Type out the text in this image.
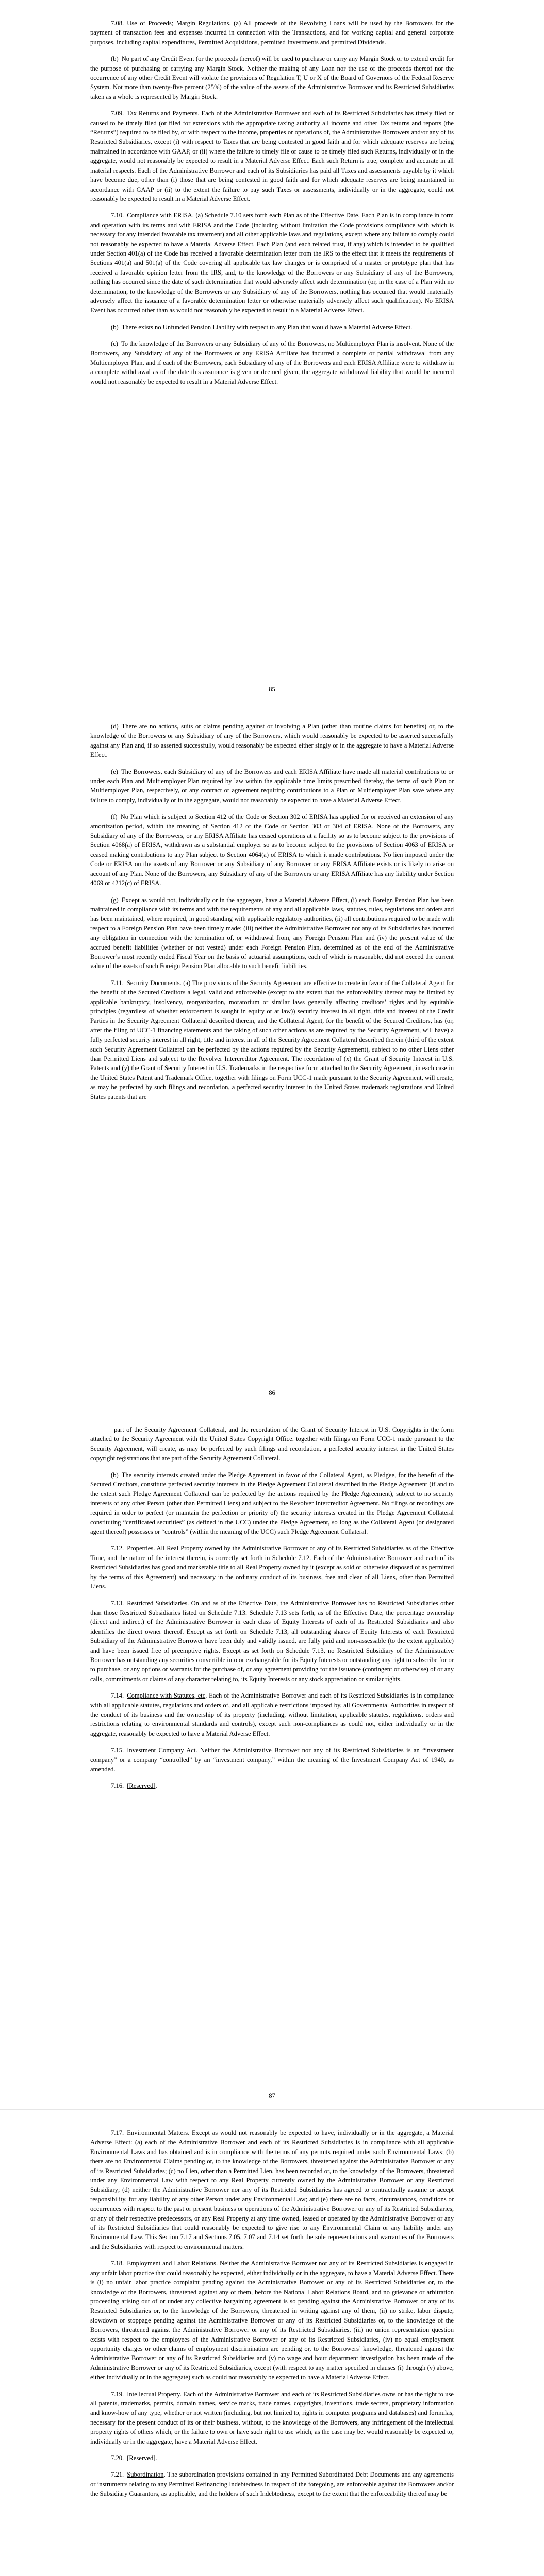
7.08. Use of Proceeds; Margin Regulations. (a) All proceeds of the Revolving Loans will be used by the Borrowers for the payment of transaction fees and expenses incurred in connection with the Transactions, and for working capital and general corporate purposes, including capital expenditures, Permitted Acquisitions, permitted Investments and permitted Dividends.

(b) No part of any Credit Event (or the proceeds thereof) will be used to purchase or carry any Margin Stock or to extend credit for the purpose of purchasing or carrying any Margin Stock. Neither the making of any Loan nor the use of the proceeds thereof nor the occurrence of any other Credit Event will violate the provisions of Regulation T, U or X of the Board of Governors of the Federal Reserve System. Not more than twenty-five percent (25%) of the value of the assets of the Administrative Borrower and its Restricted Subsidiaries taken as a whole is represented by Margin Stock.

7.09. Tax Returns and Payments. Each of the Administrative Borrower and each of its Restricted Subsidiaries has timely filed or caused to be timely filed (or filed for extensions with the appropriate taxing authority all income and other Tax returns and reports (the “Returns”) required to be filed by, or with respect to the income, properties or operations of, the Administrative Borrowers and/or any of its Restricted Subsidiaries, except (i) with respect to Taxes that are being contested in good faith and for which adequate reserves are being maintained in accordance with GAAP, or (ii) where the failure to timely file or cause to be timely filed such Returns, individually or in the aggregate, would not reasonably be expected to result in a Material Adverse Effect. Each such Return is true, complete and accurate in all material respects. Each of the Administrative Borrower and each of its Subsidiaries has paid all Taxes and assessments payable by it which have become due, other than (i) those that are being contested in good faith and for which adequate reserves are being maintained in accordance with GAAP or (ii) to the extent the failure to pay such Taxes or assessments, individually or in the aggregate, could not reasonably be expected to result in a Material Adverse Effect.

7.10. Compliance with ERISA. (a) Schedule 7.10 sets forth each Plan as of the Effective Date. Each Plan is in compliance in form and operation with its terms and with ERISA and the Code (including without limitation the Code provisions compliance with which is necessary for any intended favorable tax treatment) and all other applicable laws and regulations, except where any failure to comply could not reasonably be expected to have a Material Adverse Effect. Each Plan (and each related trust, if any) which is intended to be qualified under Section 401(a) of the Code has received a favorable determination letter from the IRS to the effect that it meets the requirements of Sections 401(a) and 501(a) of the Code covering all applicable tax law changes or is comprised of a master or prototype plan that has received a favorable opinion letter from the IRS, and, to the knowledge of the Borrowers or any Subsidiary of any of the Borrowers, nothing has occurred since the date of such determination that would adversely affect such determination (or, in the case of a Plan with no determination, to the knowledge of the Borrowers or any Subsidiary of any of the Borrowers, nothing has occurred that would materially adversely affect the issuance of a favorable determination letter or otherwise materially adversely affect such qualification). No ERISA Event has occurred other than as would not reasonably be expected to result in a Material Adverse Effect.

(b) There exists no Unfunded Pension Liability with respect to any Plan that would have a Material Adverse Effect.

(c) To the knowledge of the Borrowers or any Subsidiary of any of the Borrowers, no Multiemployer Plan is insolvent. None of the Borrowers, any Subsidiary of any of the Borrowers or any ERISA Affiliate has incurred a complete or partial withdrawal from any Multiemployer Plan, and if each of the Borrowers, each Subsidiary of any of the Borrowers and each ERISA Affiliate were to withdraw in a complete withdrawal as of the date this assurance is given or deemed given, the aggregate withdrawal liability that would be incurred would not reasonably be expected to result in a Material Adverse Effect.

85

(d) There are no actions, suits or claims pending against or involving a Plan (other than routine claims for benefits) or, to the knowledge of the Borrowers or any Subsidiary of any of the Borrowers, which would reasonably be expected to be asserted successfully against any Plan and, if so asserted successfully, would reasonably be expected either singly or in the aggregate to have a Material Adverse Effect.

(e) The Borrowers, each Subsidiary of any of the Borrowers and each ERISA Affiliate have made all material contributions to or under each Plan and Multiemployer Plan required by law within the applicable time limits prescribed thereby, the terms of such Plan or Multiemployer Plan, respectively, or any contract or agreement requiring contributions to a Plan or Multiemployer Plan save where any failure to comply, individually or in the aggregate, would not reasonably be expected to have a Material Adverse Effect.

(f) No Plan which is subject to Section 412 of the Code or Section 302 of ERISA has applied for or received an extension of any amortization period, within the meaning of Section 412 of the Code or Section 303 or 304 of ERISA. None of the Borrowers, any Subsidiary of any of the Borrowers, or any ERISA Affiliate has ceased operations at a facility so as to become subject to the provisions of Section 4068(a) of ERISA, withdrawn as a substantial employer so as to become subject to the provisions of Section 4063 of ERISA or ceased making contributions to any Plan subject to Section 4064(a) of ERISA to which it made contributions. No lien imposed under the Code or ERISA on the assets of any Borrower or any Subsidiary of any Borrower or any ERISA Affiliate exists or is likely to arise on account of any Plan. None of the Borrowers, any Subsidiary of any of the Borrowers or any ERISA Affiliate has any liability under Section 4069 or 4212(c) of ERISA.

(g) Except as would not, individually or in the aggregate, have a Material Adverse Effect, (i) each Foreign Pension Plan has been maintained in compliance with its terms and with the requirements of any and all applicable laws, statutes, rules, regulations and orders and has been maintained, where required, in good standing with applicable regulatory authorities, (ii) all contributions required to be made with respect to a Foreign Pension Plan have been timely made; (iii) neither the Administrative Borrower nor any of its Subsidiaries has incurred any obligation in connection with the termination of, or withdrawal from, any Foreign Pension Plan and (iv) the present value of the accrued benefit liabilities (whether or not vested) under each Foreign Pension Plan, determined as of the end of the Administrative Borrower’s most recently ended Fiscal Year on the basis of actuarial assumptions, each of which is reasonable, did not exceed the current value of the assets of such Foreign Pension Plan allocable to such benefit liabilities.

7.11. Security Documents. (a) The provisions of the Security Agreement are effective to create in favor of the Collateral Agent for the benefit of the Secured Creditors a legal, valid and enforceable (except to the extent that the enforceability thereof may be limited by applicable bankruptcy, insolvency, reorganization, moratorium or similar laws generally affecting creditors’ rights and by equitable principles (regardless of whether enforcement is sought in equity or at law)) security interest in all right, title and interest of the Credit Parties in the Security Agreement Collateral described therein, and the Collateral Agent, for the benefit of the Secured Creditors, has (or, after the filing of UCC-1 financing statements and the taking of such other actions as are required by the Security Agreement, will have) a fully perfected security interest in all right, title and interest in all of the Security Agreement Collateral described therein (third of the extent such Security Agreement Collateral can be perfected by the actions required by the Security Agreement), subject to no other Liens other than Permitted Liens and subject to the Revolver Intercreditor Agreement. The recordation of (x) the Grant of Security Interest in U.S. Patents and (y) the Grant of Security Interest in U.S. Trademarks in the respective form attached to the Security Agreement, in each case in the United States Patent and Trademark Office, together with filings on Form UCC-1 made pursuant to the Security Agreement, will create, as may be perfected by such filings and recordation, a perfected security interest in the United States trademark registrations and United States patents that are

86

part of the Security Agreement Collateral, and the recordation of the Grant of Security Interest in U.S. Copyrights in the form attached to the Security Agreement with the United States Copyright Office, together with filings on Form UCC-1 made pursuant to the Security Agreement, will create, as may be perfected by such filings and recordation, a perfected security interest in the United States copyright registrations that are part of the Security Agreement Collateral.

(b) The security interests created under the Pledge Agreement in favor of the Collateral Agent, as Pledgee, for the benefit of the Secured Creditors, constitute perfected security interests in the Pledge Agreement Collateral described in the Pledge Agreement (if and to the extent such Pledge Agreement Collateral can be perfected by the actions required by the Pledge Agreement), subject to no security interests of any other Person (other than Permitted Liens) and subject to the Revolver Intercreditor Agreement. No filings or recordings are required in order to perfect (or maintain the perfection or priority of) the security interests created in the Pledge Agreement Collateral constituting “certificated securities” (as defined in the UCC) under the Pledge Agreement, so long as the Collateral Agent (or designated agent thereof) possesses or “controls” (within the meaning of the UCC) such Pledge Agreement Collateral.

7.12. Properties. All Real Property owned by the Administrative Borrower or any of its Restricted Subsidiaries as of the Effective Time, and the nature of the interest therein, is correctly set forth in Schedule 7.12. Each of the Administrative Borrower and each of its Restricted Subsidiaries has good and marketable title to all Real Property owned by it (except as sold or otherwise disposed of as permitted by the terms of this Agreement) and necessary in the ordinary conduct of its business, free and clear of all Liens, other than Permitted Liens.

7.13. Restricted Subsidiaries. On and as of the Effective Date, the Administrative Borrower has no Restricted Subsidiaries other than those Restricted Subsidiaries listed on Schedule 7.13. Schedule 7.13 sets forth, as of the Effective Date, the percentage ownership (direct and indirect) of the Administrative Borrower in each class of Equity Interests of each of its Restricted Subsidiaries and also identifies the direct owner thereof. Except as set forth on Schedule 7.13, all outstanding shares of Equity Interests of each Restricted Subsidiary of the Administrative Borrower have been duly and validly issued, are fully paid and non-assessable (to the extent applicable) and have been issued free of preemptive rights. Except as set forth on Schedule 7.13, no Restricted Subsidiary of the Administrative Borrower has outstanding any securities convertible into or exchangeable for its Equity Interests or outstanding any right to subscribe for or to purchase, or any options or warrants for the purchase of, or any agreement providing for the issuance (contingent or otherwise) of or any calls, commitments or claims of any character relating to, its Equity Interests or any stock appreciation or similar rights.

7.14. Compliance with Statutes, etc. Each of the Administrative Borrower and each of its Restricted Subsidiaries is in compliance with all applicable statutes, regulations and orders of, and all applicable restrictions imposed by, all Governmental Authorities in respect of the conduct of its business and the ownership of its property (including, without limitation, applicable statutes, regulations, orders and restrictions relating to environmental standards and controls), except such non-compliances as could not, either individually or in the aggregate, reasonably be expected to have a Material Adverse Effect.

7.15. Investment Company Act. Neither the Administrative Borrower nor any of its Restricted Subsidiaries is an “investment company” or a company “controlled” by an “investment company,” within the meaning of the Investment Company Act of 1940, as amended.

7.16. [Reserved].

87

7.17. Environmental Matters. Except as would not reasonably be expected to have, individually or in the aggregate, a Material Adverse Effect: (a) each of the Administrative Borrower and each of its Restricted Subsidiaries is in compliance with all applicable Environmental Laws and has obtained and is in compliance with the terms of any permits required under such Environmental Laws; (b) there are no Environmental Claims pending or, to the knowledge of the Borrowers, threatened against the Administrative Borrower or any of its Restricted Subsidiaries; (c) no Lien, other than a Permitted Lien, has been recorded or, to the knowledge of the Borrowers, threatened under any Environmental Law with respect to any Real Property currently owned by the Administrative Borrower or any Restricted Subsidiary; (d) neither the Administrative Borrower nor any of its Restricted Subsidiaries has agreed to contractually assume or accept responsibility, for any liability of any other Person under any Environmental Law; and (e) there are no facts, circumstances, conditions or occurrences with respect to the past or present business or operations of the Administrative Borrower or any of its Restricted Subsidiaries, or any of their respective predecessors, or any Real Property at any time owned, leased or operated by the Administrative Borrower or any of its Restricted Subsidiaries that could reasonably be expected to give rise to any Environmental Claim or any liability under any Environmental Law. This Section 7.17 and Sections 7.05, 7.07 and 7.14 set forth the sole representations and warranties of the Borrowers and the Subsidiaries with respect to environmental matters.

7.18. Employment and Labor Relations. Neither the Administrative Borrower nor any of its Restricted Subsidiaries is engaged in any unfair labor practice that could reasonably be expected, either individually or in the aggregate, to have a Material Adverse Effect. There is (i) no unfair labor practice complaint pending against the Administrative Borrower or any of its Restricted Subsidiaries or, to the knowledge of the Borrowers, threatened against any of them, before the National Labor Relations Board, and no grievance or arbitration proceeding arising out of or under any collective bargaining agreement is so pending against the Administrative Borrower or any of its Restricted Subsidiaries or, to the knowledge of the Borrowers, threatened in writing against any of them, (ii) no strike, labor dispute, slowdown or stoppage pending against the Administrative Borrower or any of its Restricted Subsidiaries or, to the knowledge of the Borrowers, threatened against the Administrative Borrower or any of its Restricted Subsidiaries, (iii) no union representation question exists with respect to the employees of the Administrative Borrower or any of its Restricted Subsidiaries, (iv) no equal employment opportunity charges or other claims of employment discrimination are pending or, to the Borrowers’ knowledge, threatened against the Administrative Borrower or any of its Restricted Subsidiaries and (v) no wage and hour department investigation has been made of the Administrative Borrower or any of its Restricted Subsidiaries, except (with respect to any matter specified in clauses (i) through (v) above, either individually or in the aggregate) such as could not reasonably be expected to have a Material Adverse Effect.

7.19. Intellectual Property. Each of the Administrative Borrower and each of its Restricted Subsidiaries owns or has the right to use all patents, trademarks, permits, domain names, service marks, trade names, copyrights, inventions, trade secrets, proprietary information and know-how of any type, whether or not written (including, but not limited to, rights in computer programs and databases) and formulas, necessary for the present conduct of its or their business, without, to the knowledge of the Borrowers, any infringement of the intellectual property rights of others which, or the failure to own or have such right to use which, as the case may be, would reasonably be expected to, individually or in the aggregate, have a Material Adverse Effect.

7.20. [Reserved].

7.21. Subordination. The subordination provisions contained in any Permitted Subordinated Debt Documents and any agreements or instruments relating to any Permitted Refinancing Indebtedness in respect of the foregoing, are enforceable against the Borrowers and/or the Subsidiary Guarantors, as applicable, and the holders of such Indebtedness, except to the extent that the enforceability thereof may be
